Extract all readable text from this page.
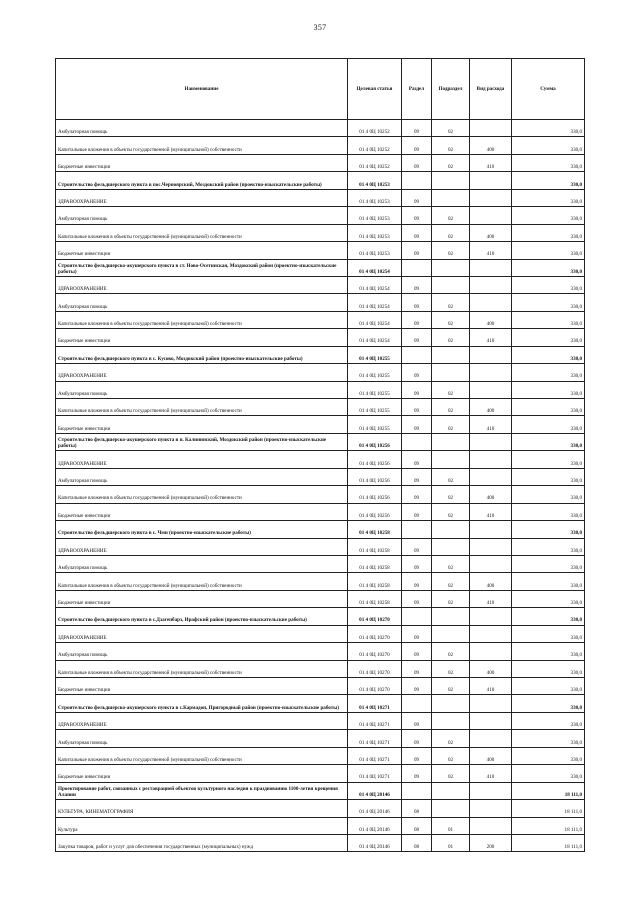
357
Наименование	Целевая статья	Раздел	Подраздел	Вид расхода	Сумма
Амбулаторная помощь	01 4 0Ц 10252	09	02		330,0
Капитальные вложения в объекты государственной (муниципальной) собственности	01 4 0Ц 10252	09	02	400	330,0
Бюджетные инвестиции	01 4 0Ц 10252	09	02	410	330,0
Строительство фельдшерского пункта в пос.Черноярский, Моздокский район (проектно-изыскательские работы)	01 4 0Ц 10253				330,0
ЗДРАВООХРАНЕНИЕ	01 4 0Ц 10253	09			330,0
Амбулаторная помощь	01 4 0Ц 10253	09	02		330,0
Капитальные вложения в объекты государственной (муниципальной) собственности	01 4 0Ц 10253	09	02	400	330,0
Бюджетные инвестиции	01 4 0Ц 10253	09	02	410	330,0
Строительство фельдшерско-акушерского пункта в ст. Ново-Осетинская, Моздокский район (проектно-изыскательские работы)	01 4 0Ц 10254				330,0
ЗДРАВООХРАНЕНИЕ	01 4 0Ц 10254	09			330,0
Амбулаторная помощь	01 4 0Ц 10254	09	02		330,0
Капитальные вложения в объекты государственной (муниципальной) собственности	01 4 0Ц 10254	09	02	400	330,0
Бюджетные инвестиции	01 4 0Ц 10254	09	02	410	330,0
Строительство фельдшерского пункта в с. Кусово, Моздокский район (проектно-изыскательские работы)	01 4 0Ц 10255				330,0
ЗДРАВООХРАНЕНИЕ	01 4 0Ц 10255	09			330,0
Амбулаторная помощь	01 4 0Ц 10255	09	02		330,0
Капитальные вложения в объекты государственной (муниципальной) собственности	01 4 0Ц 10255	09	02	400	330,0
Бюджетные инвестиции	01 4 0Ц 10255	09	02	410	330,0
Строительство фельдшерско-акушерского пункта в п. Калининский, Моздокский район (проектно-изыскательские работы)	01 4 0Ц 10256				330,0
ЗДРАВООХРАНЕНИЕ	01 4 0Ц 10256	09			330,0
Амбулаторная помощь	01 4 0Ц 10256	09	02		330,0
Капитальные вложения в объекты государственной (муниципальной) собственности	01 4 0Ц 10256	09	02	400	330,0
Бюджетные инвестиции	01 4 0Ц 10256	09	02	410	330,0
Строительство фельдшерского пункта в с. Чми (проектно-изыскательские работы)	01 4 0Ц 10258				330,0
ЗДРАВООХРАНЕНИЕ	01 4 0Ц 10258	09			330,0
Амбулаторная помощь	01 4 0Ц 10258	09	02		330,0
Капитальные вложения в объекты государственной (муниципальной) собственности	01 4 0Ц 10258	09	02	400	330,0
Бюджетные инвестиции	01 4 0Ц 10258	09	02	410	330,0
Строительство фельдшерского пункта в с.Дзагепбарз, Ирафский район (проектно-изыскательские работы)	01 4 0Ц 10270				330,0
ЗДРАВООХРАНЕНИЕ	01 4 0Ц 10270	09			330,0
Амбулаторная помощь	01 4 0Ц 10270	09	02		330,0
Капитальные вложения в объекты государственной (муниципальной) собственности	01 4 0Ц 10270	09	02	400	330,0
Бюджетные инвестиции	01 4 0Ц 10270	09	02	410	330,0
Строительство фельдшерско-акушерского пункта в с.Кармадон, Пригородный район (проектно-изыскательские работы)	01 4 0Ц 10271				330,0
ЗДРАВООХРАНЕНИЕ	01 4 0Ц 10271	09			330,0
Амбулаторная помощь	01 4 0Ц 10271	09	02		330,0
Капитальные вложения в объекты государственной (муниципальной) собственности	01 4 0Ц 10271	09	02	400	330,0
Бюджетные инвестиции	01 4 0Ц 10271	09	02	410	330,0
Проектирование работ, связанных с реставрацией объектов культурного наследия к празднованию 1100-летия крещения Алании	01 4 0Ц 20146				18 111,0
КУЛЬТУРА, КИНЕМАТОГРАФИЯ	01 4 0Ц 20146	08			18 111,0
Культура	01 4 0Ц 20146	08	01		18 111,0
Закупка товаров, работ и услуг для обеспечения государственных (муниципальных) нужд	01 4 0Ц 20146	08	01	200	18 111,0
